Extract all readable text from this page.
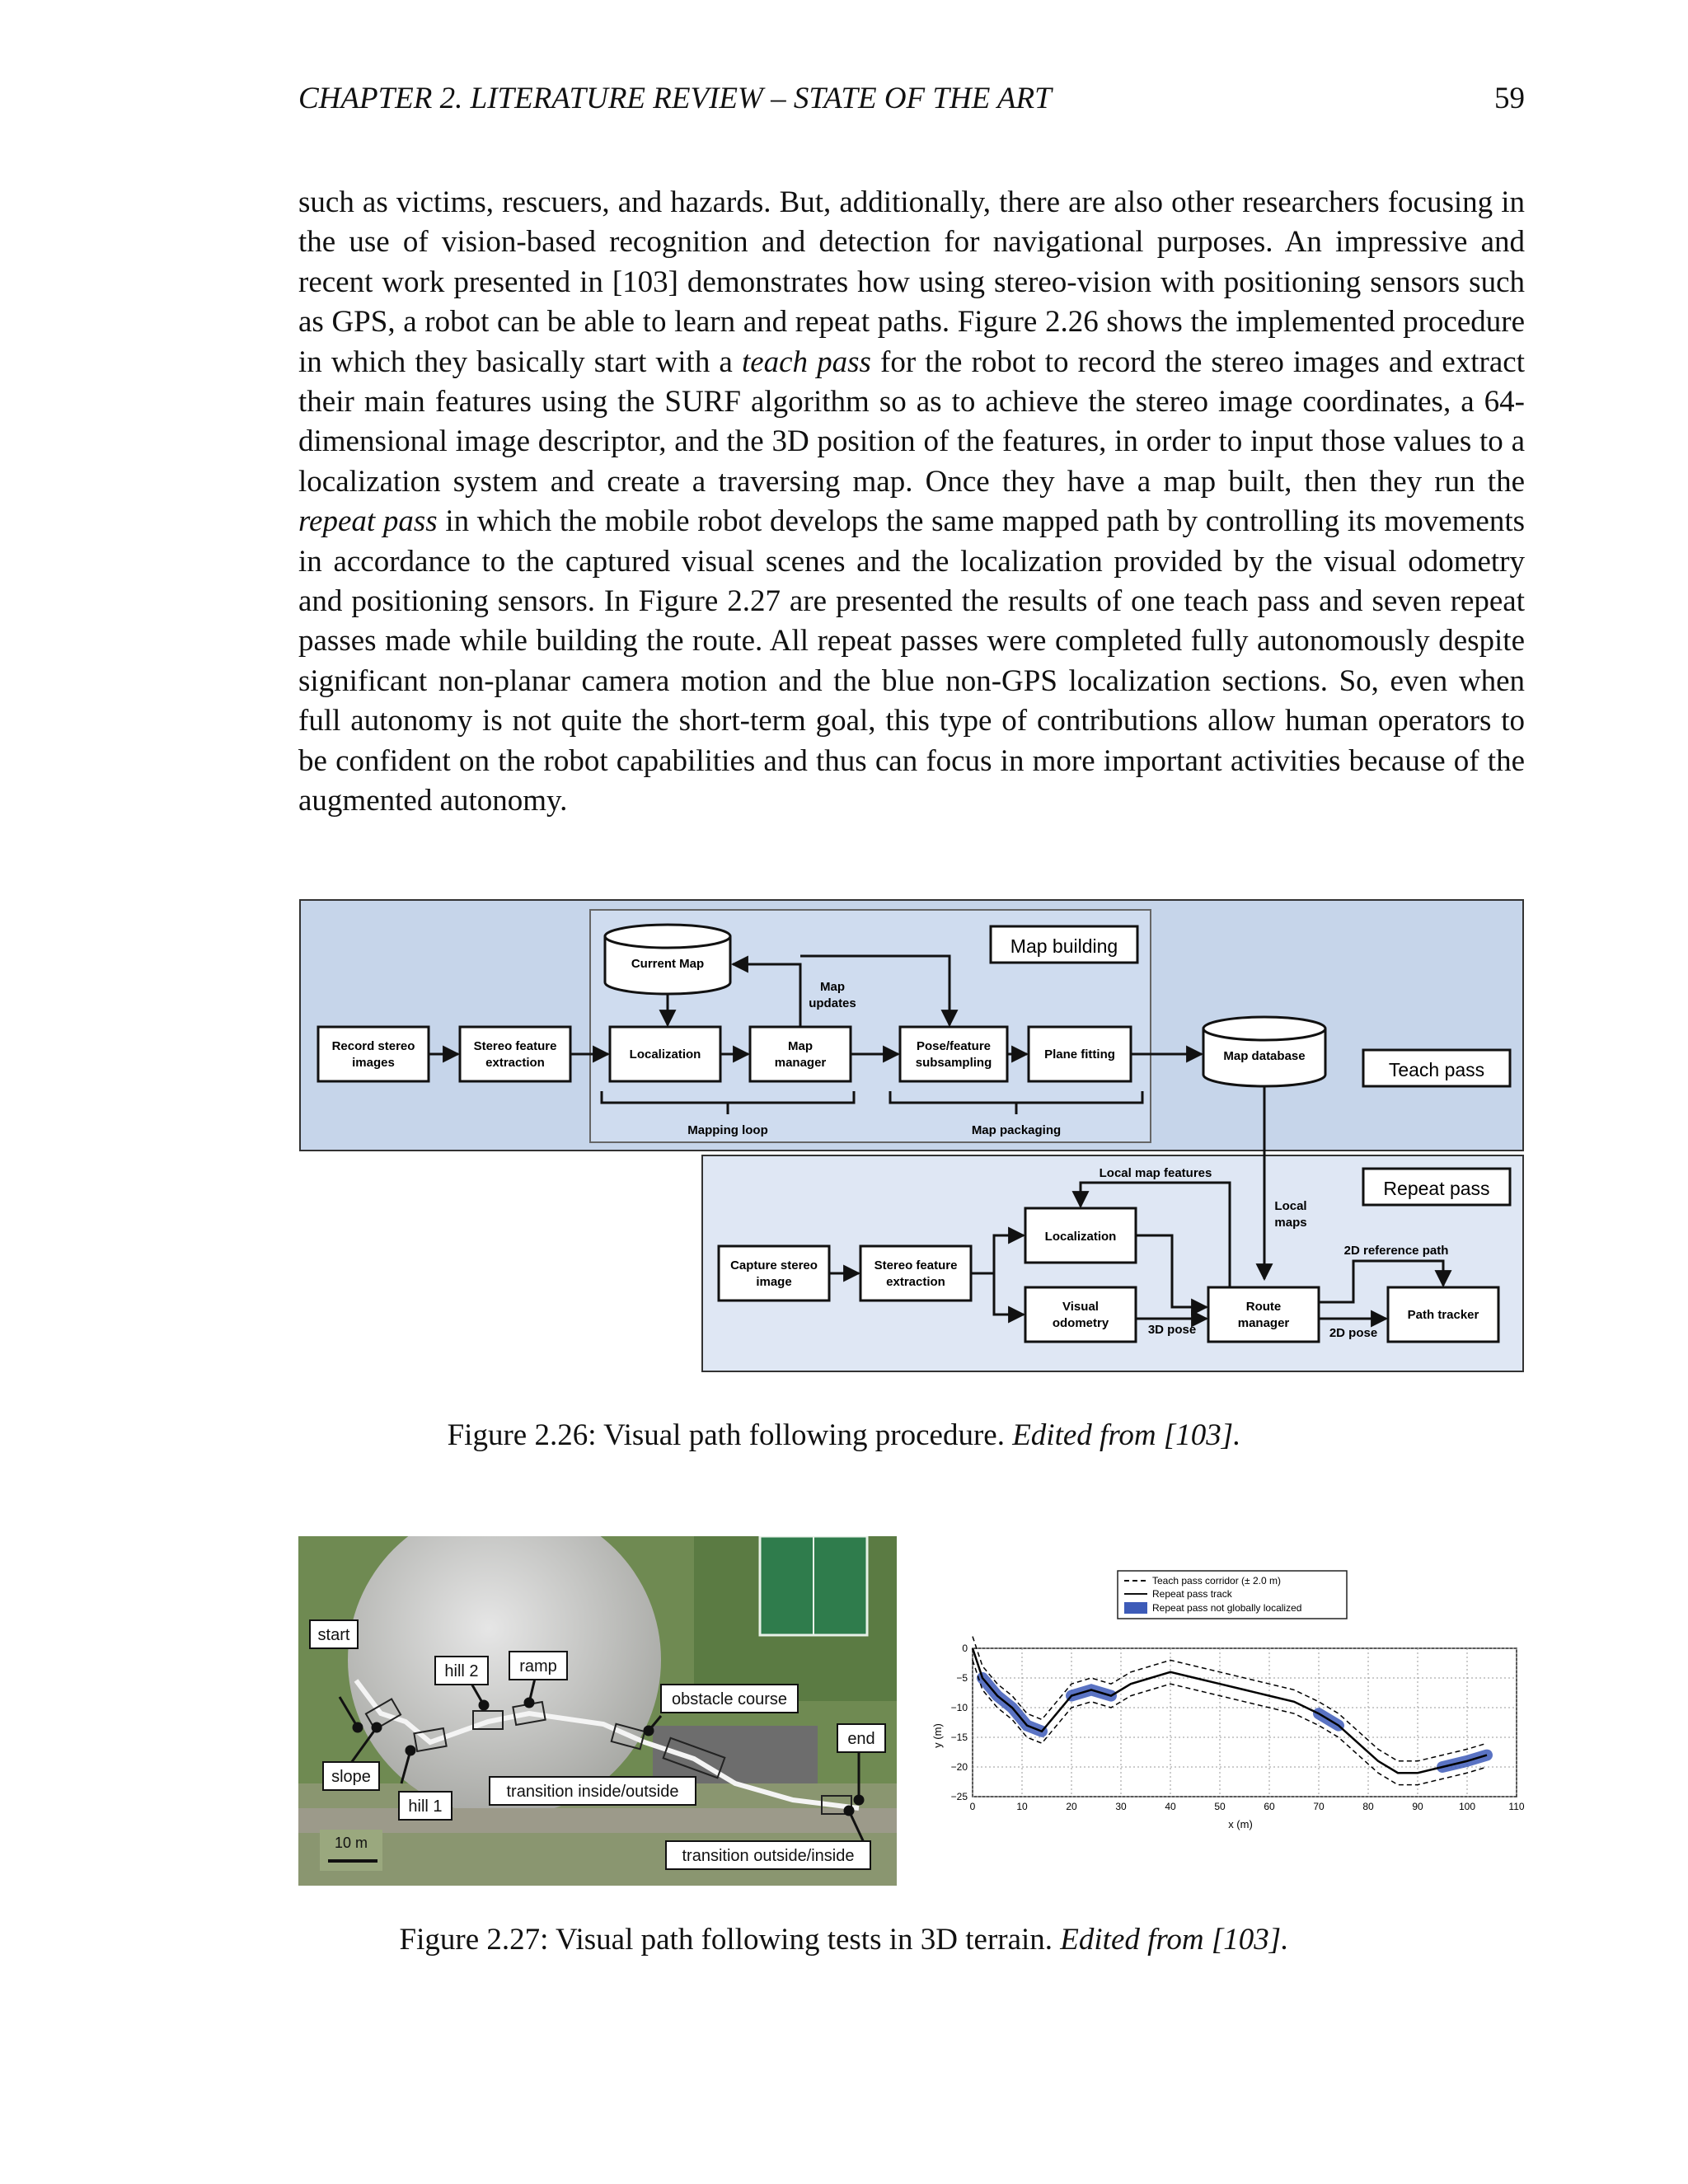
CHAPTER 2. LITERATURE REVIEW – STATE OF THE ART	59

such as victims, rescuers, and hazards. But, additionally, there are also other researchers focusing in the use of vision-based recognition and detection for navigational purposes. An impressive and recent work presented in [103] demonstrates how using stereo-vision with positioning sensors such as GPS, a robot can be able to learn and repeat paths. Figure 2.26 shows the implemented procedure in which they basically start with a teach pass for the robot to record the stereo images and extract their main features using the SURF algorithm so as to achieve the stereo image coordinates, a 64-dimensional image descriptor, and the 3D position of the features, in order to input those values to a localization system and create a traversing map. Once they have a map built, then they run the repeat pass in which the mobile robot develops the same mapped path by controlling its movements in accordance to the captured visual scenes and the localization provided by the visual odometry and positioning sensors. In Figure 2.27 are presented the results of one teach pass and seven repeat passes made while building the route. All repeat passes were completed fully autonomously despite significant non-planar camera motion and the blue non-GPS localization sections. So, even when full autonomy is not quite the short-term goal, this type of contributions allow human operators to be confident on the robot capabilities and thus can focus in more important activities because of the augmented autonomy.

Map building
Current Map
Map
updates
Record stereo
images
Stereo feature
extraction
Localization
Map
manager
Pose/feature
subsampling
Plane fitting	Map database
Teach pass
Mapping loop	Map packaging
Local map features
Local
maps
Repeat pass
2D reference path
Capture stereo
image
Stereo feature
extraction
Localization
Visual
odometry
Route
manager
Path tracker
3D pose	2D pose
Figure 2.26: Visual path following procedure. Edited from [103].
start
hill 2 ramp
obstacle course
end
slope
hill 1
transition inside/outside
transition outside/inside
10 m
Teach pass corridor (± 2.0 m)
Repeat pass track
Repeat pass not globally localized
0	10	20	30	40	50	60	70	80	90	100	110
0
−5
−10
−15
−20
−25
x (m)
y (m)
Figure 2.27: Visual path following tests in 3D terrain. Edited from [103].
